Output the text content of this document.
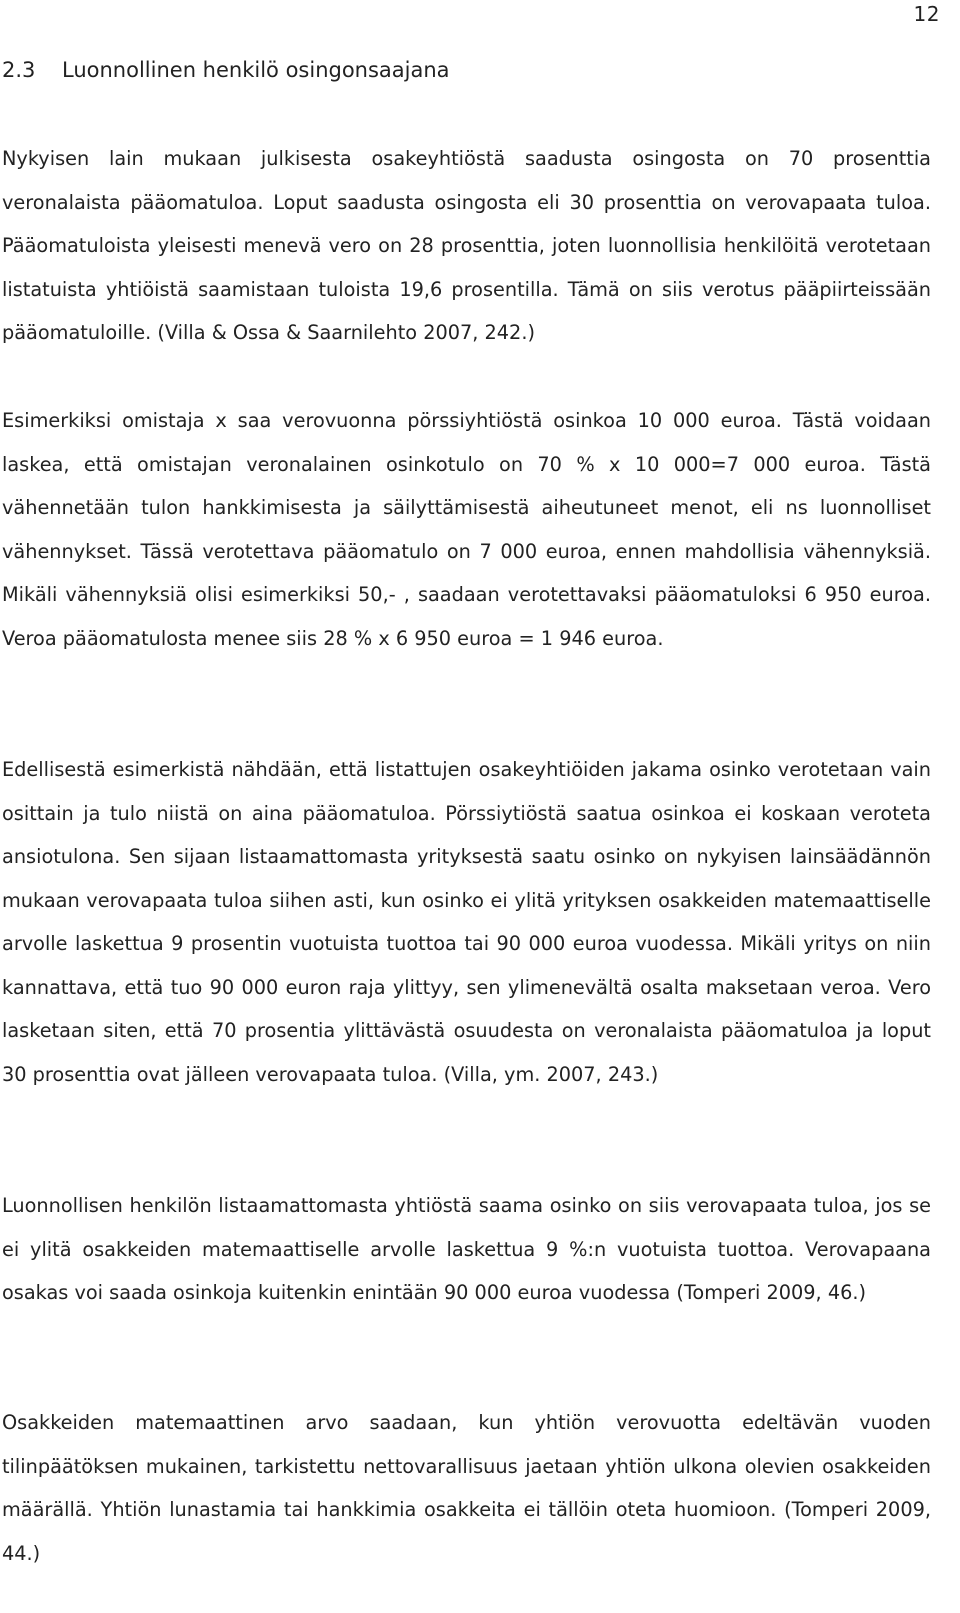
12
2.3 Luonnollinen henkilö osingonsaajana

Nykyisen lain mukaan julkisesta osakeyhtiöstä saadusta osingosta on 70 prosenttia veronalaista pääomatuloa. Loput saadusta osingosta eli 30 prosenttia on verovapaata tuloa. Pääomatuloista yleisesti menevä vero on 28 prosenttia, joten luonnollisia henkilöitä verotetaan listatuista yhtiöistä saamistaan tuloista 19,6 prosentilla. Tämä on siis verotus pääpiirteissään pääomatuloille. (Villa & Ossa & Saarnilehto 2007, 242.)

Esimerkiksi omistaja x saa verovuonna pörssiyhtiöstä osinkoa 10 000 euroa. Tästä voidaan laskea, että omistajan veronalainen osinkotulo on 70 % x 10 000=7 000 euroa. Tästä vähennetään tulon hankkimisesta ja säilyttämisestä aiheutuneet menot, eli ns luonnolliset vähennykset. Tässä verotettava pääomatulo on 7 000 euroa, ennen mahdollisia vähennyksiä. Mikäli vähennyksiä olisi esimerkiksi 50,- , saadaan verotettavaksi pääomatuloksi 6 950 euroa. Veroa pääomatulosta menee siis 28 % x 6 950 euroa = 1 946 euroa.

Edellisestä esimerkistä nähdään, että listattujen osakeyhtiöiden jakama osinko verotetaan vain osittain ja tulo niistä on aina pääomatuloa. Pörssiytiöstä saatua osinkoa ei koskaan veroteta ansiotulona. Sen sijaan listaamattomasta yrityksestä saatu osinko on nykyisen lainsäädännön mukaan verovapaata tuloa siihen asti, kun osinko ei ylitä yrityksen osakkeiden matemaattiselle arvolle laskettua 9 prosentin vuotuista tuottoa tai 90 000 euroa vuodessa. Mikäli yritys on niin kannattava, että tuo 90 000 euron raja ylittyy, sen ylimenevältä osalta maksetaan veroa. Vero lasketaan siten, että 70 prosentia ylittävästä osuudesta on veronalaista pääomatuloa ja loput 30 prosenttia ovat jälleen verovapaata tuloa. (Villa, ym. 2007, 243.)

Luonnollisen henkilön listaamattomasta yhtiöstä saama osinko on siis verovapaata tuloa, jos se ei ylitä osakkeiden matemaattiselle arvolle laskettua 9 %:n vuotuista tuottoa. Verovapaana osakas voi saada osinkoja kuitenkin enintään 90 000 euroa vuodessa (Tomperi 2009, 46.)

Osakkeiden matemaattinen arvo saadaan, kun yhtiön verovuotta edeltävän vuoden tilinpäätöksen mukainen, tarkistettu nettovarallisuus jaetaan yhtiön ulkona olevien osakkeiden määrällä. Yhtiön lunastamia tai hankkimia osakkeita ei tällöin oteta huomioon. (Tomperi 2009, 44.)
